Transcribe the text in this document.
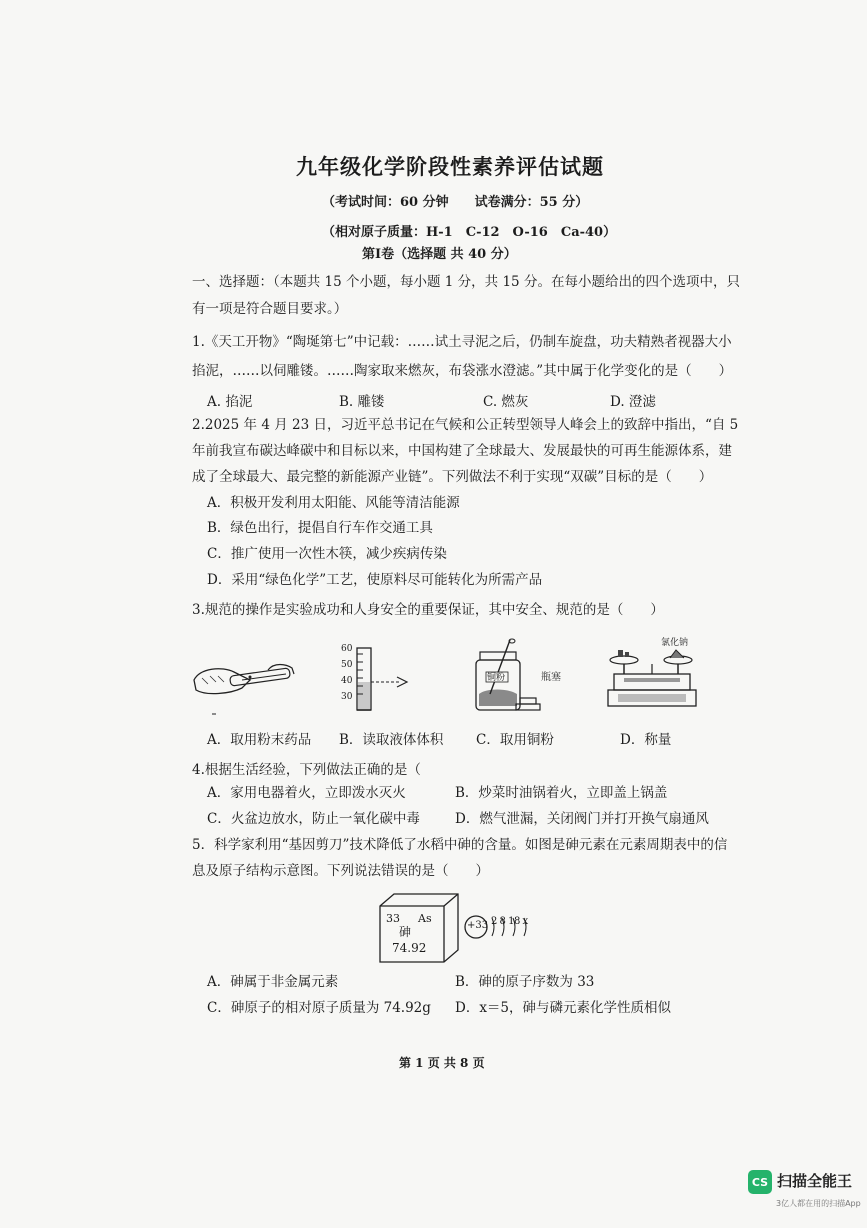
九年级化学阶段性素养评估试题
（考试时间：60 分钟　　试卷满分：55 分）
（相对原子质量：H-1　C-12　O-16　Ca-40）
第Ⅰ卷（选择题 共 40 分）
一、选择题：（本题共 15 个小题，每小题 1 分，共 15 分。在每小题给出的四个选项中，只
有一项是符合题目要求。）
1.《天工开物》“陶埏第七”中记载：……试土寻泥之后，仍制车旋盘，功夫精熟者视器大小
掐泥，……以伺雕镂。……陶家取来燃灰，布袋涨水澄滤。”其中属于化学变化的是（　　）
A. 掐泥	B. 雕镂	C. 燃灰	D. 澄滤
2.2025 年 4 月 23 日，习近平总书记在气候和公正转型领导人峰会上的致辞中指出，“自 5
年前我宣布碳达峰碳中和目标以来，中国构建了全球最大、发展最快的可再生能源体系，建
成了全球最大、最完整的新能源产业链”。下列做法不利于实现“双碳”目标的是（　　）
A．积极开发利用太阳能、风能等清洁能源
B．绿色出行，提倡自行车作交通工具
C．推广使用一次性木筷，减少疾病传染
D．采用“绿色化学”工艺，使原料尽可能转化为所需产品
3.规范的操作是实验成功和人身安全的重要保证，其中安全、规范的是（　　）
60
50
40
30
铜粉	瓶塞
氯化钠
A．取用粉末药品 B．读取液体体积 C．取用铜粉	D．称量
4.根据生活经验，下列做法正确的是（
A．家用电器着火，立即泼水灭火	B．炒菜时油锅着火，立即盖上锅盖
C．火盆边放水，防止一氧化碳中毒	D．燃气泄漏，关闭阀门并打开换气扇通风
5．科学家利用“基因剪刀”技术降低了水稻中砷的含量。如图是砷元素在元素周期表中的信
息及原子结构示意图。下列说法错误的是（　　）
33 As
砷
74.92
+33 2 8 18 x
A．砷属于非金属元素	B．砷的原子序数为 33
C．砷原子的相对原子质量为 74.92g D．x＝5，砷与磷元素化学性质相似
第 1 页 共 8 页
CS 扫描全能王
3亿人都在用的扫描App
